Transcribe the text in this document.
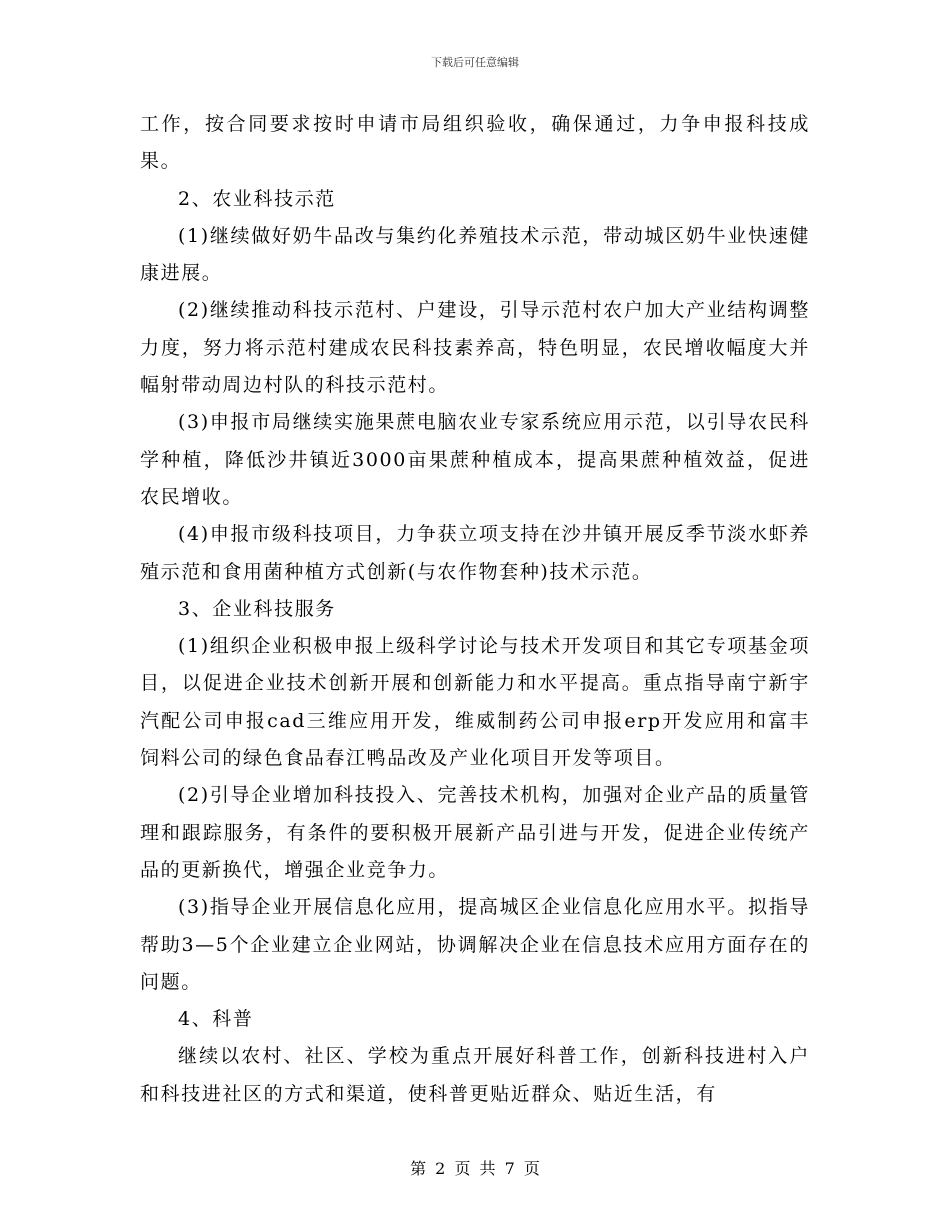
下载后可任意编辑

工作，按合同要求按时申请市局组织验收，确保通过，力争申报科技成果。

2、农业科技示范

(1)继续做好奶牛品改与集约化养殖技术示范，带动城区奶牛业快速健康进展。

(2)继续推动科技示范村、户建设，引导示范村农户加大产业结构调整力度，努力将示范村建成农民科技素养高，特色明显，农民增收幅度大并幅射带动周边村队的科技示范村。

(3)申报市局继续实施果蔗电脑农业专家系统应用示范，以引导农民科学种植，降低沙井镇近3000亩果蔗种植成本，提高果蔗种植效益，促进农民增收。

(4)申报市级科技项目，力争获立项支持在沙井镇开展反季节淡水虾养殖示范和食用菌种植方式创新(与农作物套种)技术示范。

3、企业科技服务

(1)组织企业积极申报上级科学讨论与技术开发项目和其它专项基金项目，以促进企业技术创新开展和创新能力和水平提高。重点指导南宁新宇汽配公司申报cad三维应用开发，维威制药公司申报erp开发应用和富丰饲料公司的绿色食品春江鸭品改及产业化项目开发等项目。

(2)引导企业增加科技投入、完善技术机构，加强对企业产品的质量管理和跟踪服务，有条件的要积极开展新产品引进与开发，促进企业传统产品的更新换代，增强企业竞争力。

(3)指导企业开展信息化应用，提高城区企业信息化应用水平。拟指导帮助3—5个企业建立企业网站，协调解决企业在信息技术应用方面存在的问题。

4、科普

继续以农村、社区、学校为重点开展好科普工作，创新科技进村入户和科技进社区的方式和渠道，使科普更贴近群众、贴近生活，有

第 2 页 共 7 页
